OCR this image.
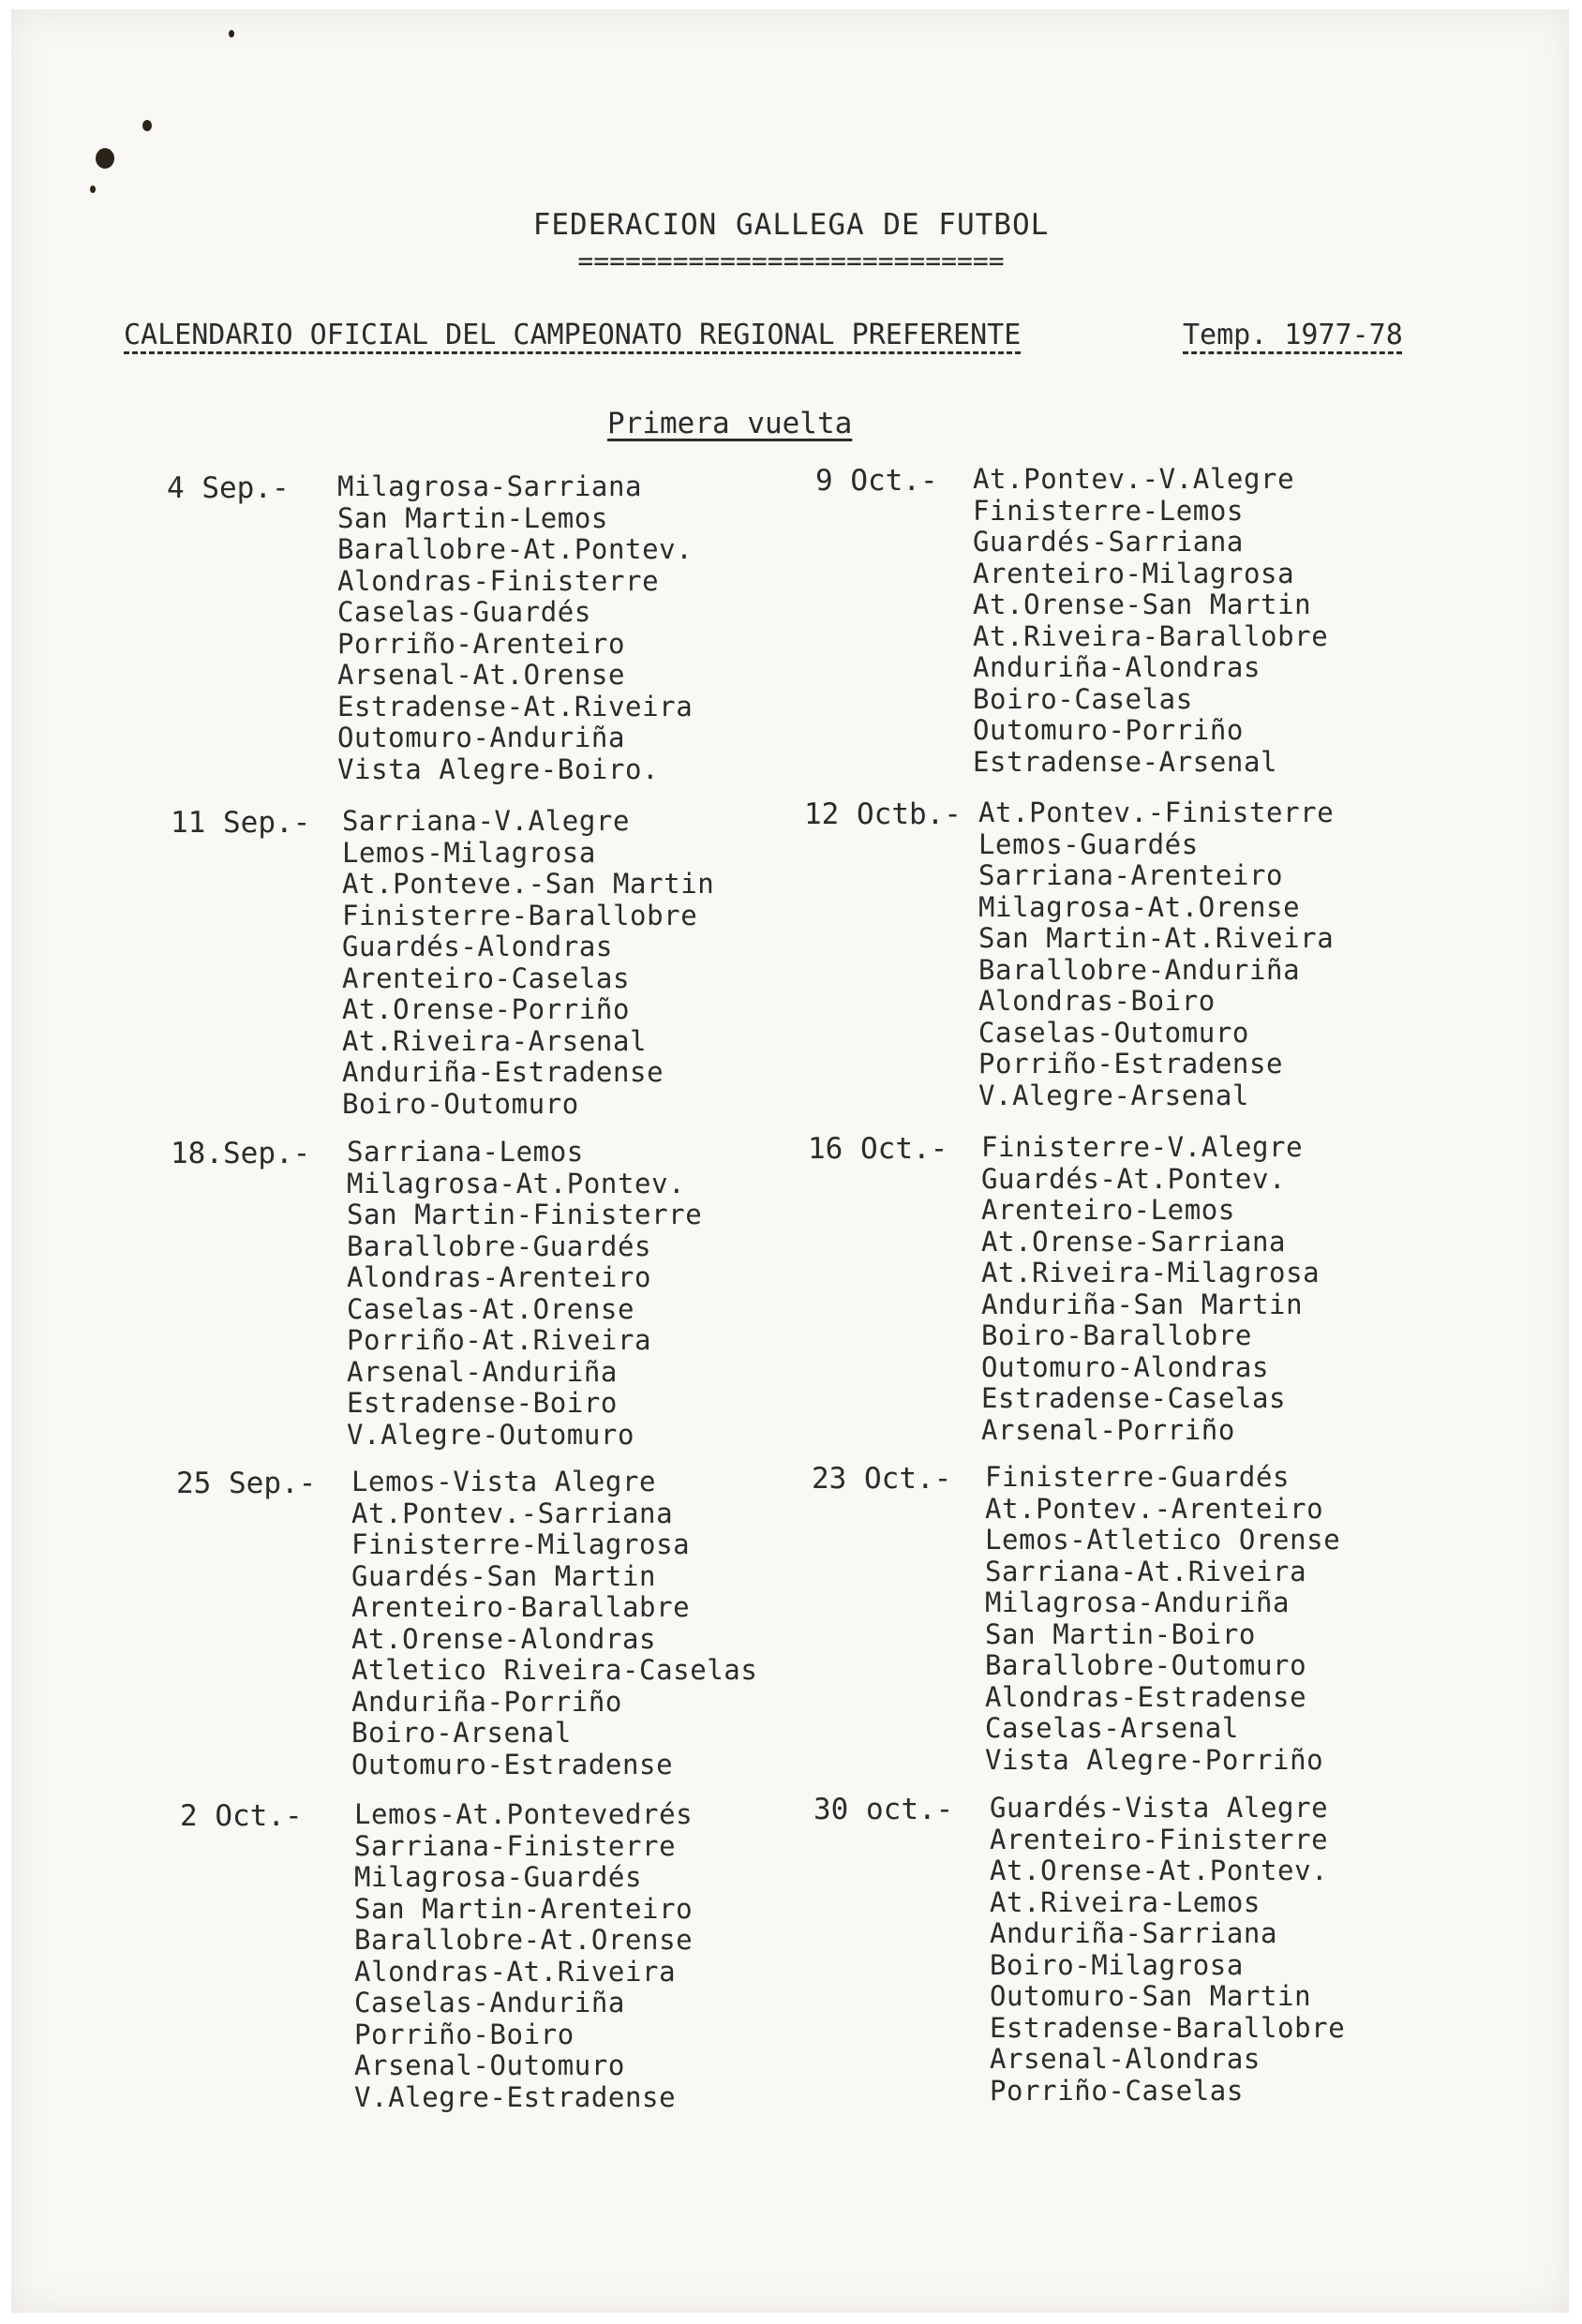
FEDERACION GALLEGA DE FUTBOL
===========================
CALENDARIO OFICIAL DEL CAMPEONATO REGIONAL PREFERENTE	Temp. 1977-78
Primera vuelta
4 Sep.- Milagrosa-Sarriana
San Martin-Lemos
Barallobre-At.Pontev.
Alondras-Finisterre
Caselas-Guardés
Porriño-Arenteiro
Arsenal-At.Orense
Estradense-At.Riveira
Outomuro-Anduriña
Vista Alegre-Boiro.
11 Sep.- Sarriana-V.Alegre
Lemos-Milagrosa
At.Ponteve.-San Martin
Finisterre-Barallobre
Guardés-Alondras
Arenteiro-Caselas
At.Orense-Porriño
At.Riveira-Arsenal
Anduriña-Estradense
Boiro-Outomuro
18.Sep.- Sarriana-Lemos
Milagrosa-At.Pontev.
San Martin-Finisterre
Barallobre-Guardés
Alondras-Arenteiro
Caselas-At.Orense
Porriño-At.Riveira
Arsenal-Anduriña
Estradense-Boiro
V.Alegre-Outomuro
25 Sep.- Lemos-Vista Alegre
At.Pontev.-Sarriana
Finisterre-Milagrosa
Guardés-San Martin
Arenteiro-Barallabre
At.Orense-Alondras
Atletico Riveira-Caselas
Anduriña-Porriño
Boiro-Arsenal
Outomuro-Estradense
2 Oct.- Lemos-At.Pontevedrés
Sarriana-Finisterre
Milagrosa-Guardés
San Martin-Arenteiro
Barallobre-At.Orense
Alondras-At.Riveira
Caselas-Anduriña
Porriño-Boiro
Arsenal-Outomuro
V.Alegre-Estradense
9 Oct.- At.Pontev.-V.Alegre
Finisterre-Lemos
Guardés-Sarriana
Arenteiro-Milagrosa
At.Orense-San Martin
At.Riveira-Barallobre
Anduriña-Alondras
Boiro-Caselas
Outomuro-Porriño
Estradense-Arsenal
12 Octb.- At.Pontev.-Finisterre
Lemos-Guardés
Sarriana-Arenteiro
Milagrosa-At.Orense
San Martin-At.Riveira
Barallobre-Anduriña
Alondras-Boiro
Caselas-Outomuro
Porriño-Estradense
V.Alegre-Arsenal
16 Oct.- Finisterre-V.Alegre
Guardés-At.Pontev.
Arenteiro-Lemos
At.Orense-Sarriana
At.Riveira-Milagrosa
Anduriña-San Martin
Boiro-Barallobre
Outomuro-Alondras
Estradense-Caselas
Arsenal-Porriño
23 Oct.- Finisterre-Guardés
At.Pontev.-Arenteiro
Lemos-Atletico Orense
Sarriana-At.Riveira
Milagrosa-Anduriña
San Martin-Boiro
Barallobre-Outomuro
Alondras-Estradense
Caselas-Arsenal
Vista Alegre-Porriño
30 oct.- Guardés-Vista Alegre
Arenteiro-Finisterre
At.Orense-At.Pontev.
At.Riveira-Lemos
Anduriña-Sarriana
Boiro-Milagrosa
Outomuro-San Martin
Estradense-Barallobre
Arsenal-Alondras
Porriño-Caselas
